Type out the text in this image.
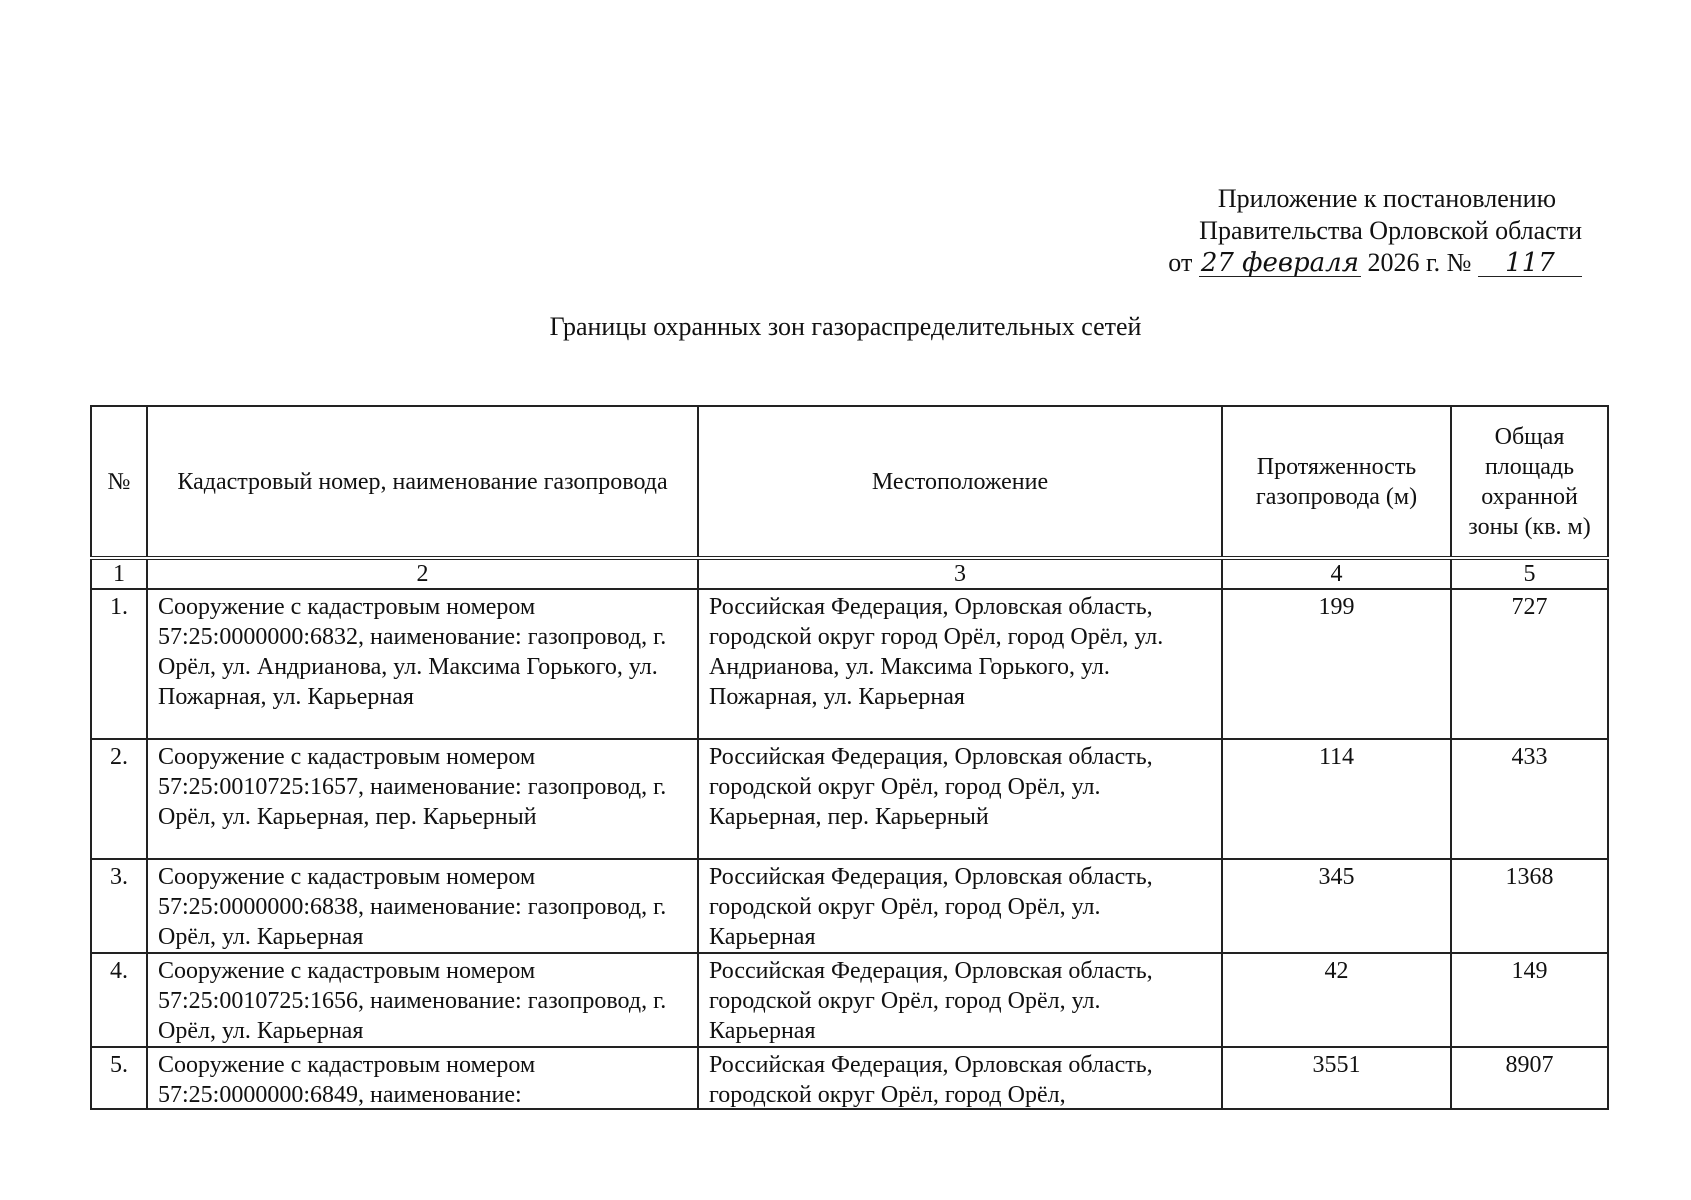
Приложение к постановлению
Правительства Орловской области
от 27 февраля 2026 г. № 117
Границы охранных зон газораспределительных сетей
№	Кадастровый номер, наименование газопровода	Местоположение	Протяженность газопровода (м)	Общая площадь охранной зоны (кв. м)
1	2	3	4	5
1.	Сооружение с кадастровым номером 57:25:0000000:6832, наименование: газопровод, г. Орёл, ул. Андрианова, ул. Максима Горького, ул. Пожарная, ул. Карьерная	Российская Федерация, Орловская область, городской округ город Орёл, город Орёл, ул. Андрианова, ул. Максима Горького, ул. Пожарная, ул. Карьерная	199	727
2.	Сооружение с кадастровым номером 57:25:0010725:1657, наименование: газопровод, г. Орёл, ул. Карьерная, пер. Карьерный	Российская Федерация, Орловская область, городской округ Орёл, город Орёл, ул. Карьерная, пер. Карьерный	114	433
3.	Сооружение с кадастровым номером 57:25:0000000:6838, наименование: газопровод, г. Орёл, ул. Карьерная	Российская Федерация, Орловская область, городской округ Орёл, город Орёл, ул. Карьерная	345	1368
4.	Сооружение с кадастровым номером 57:25:0010725:1656, наименование: газопровод, г. Орёл, ул. Карьерная	Российская Федерация, Орловская область, городской округ Орёл, город Орёл, ул. Карьерная	42	149
5.	Сооружение с кадастровым номером 57:25:0000000:6849, наименование:	Российская Федерация, Орловская область, городской округ Орёл, город Орёл,	3551	8907
